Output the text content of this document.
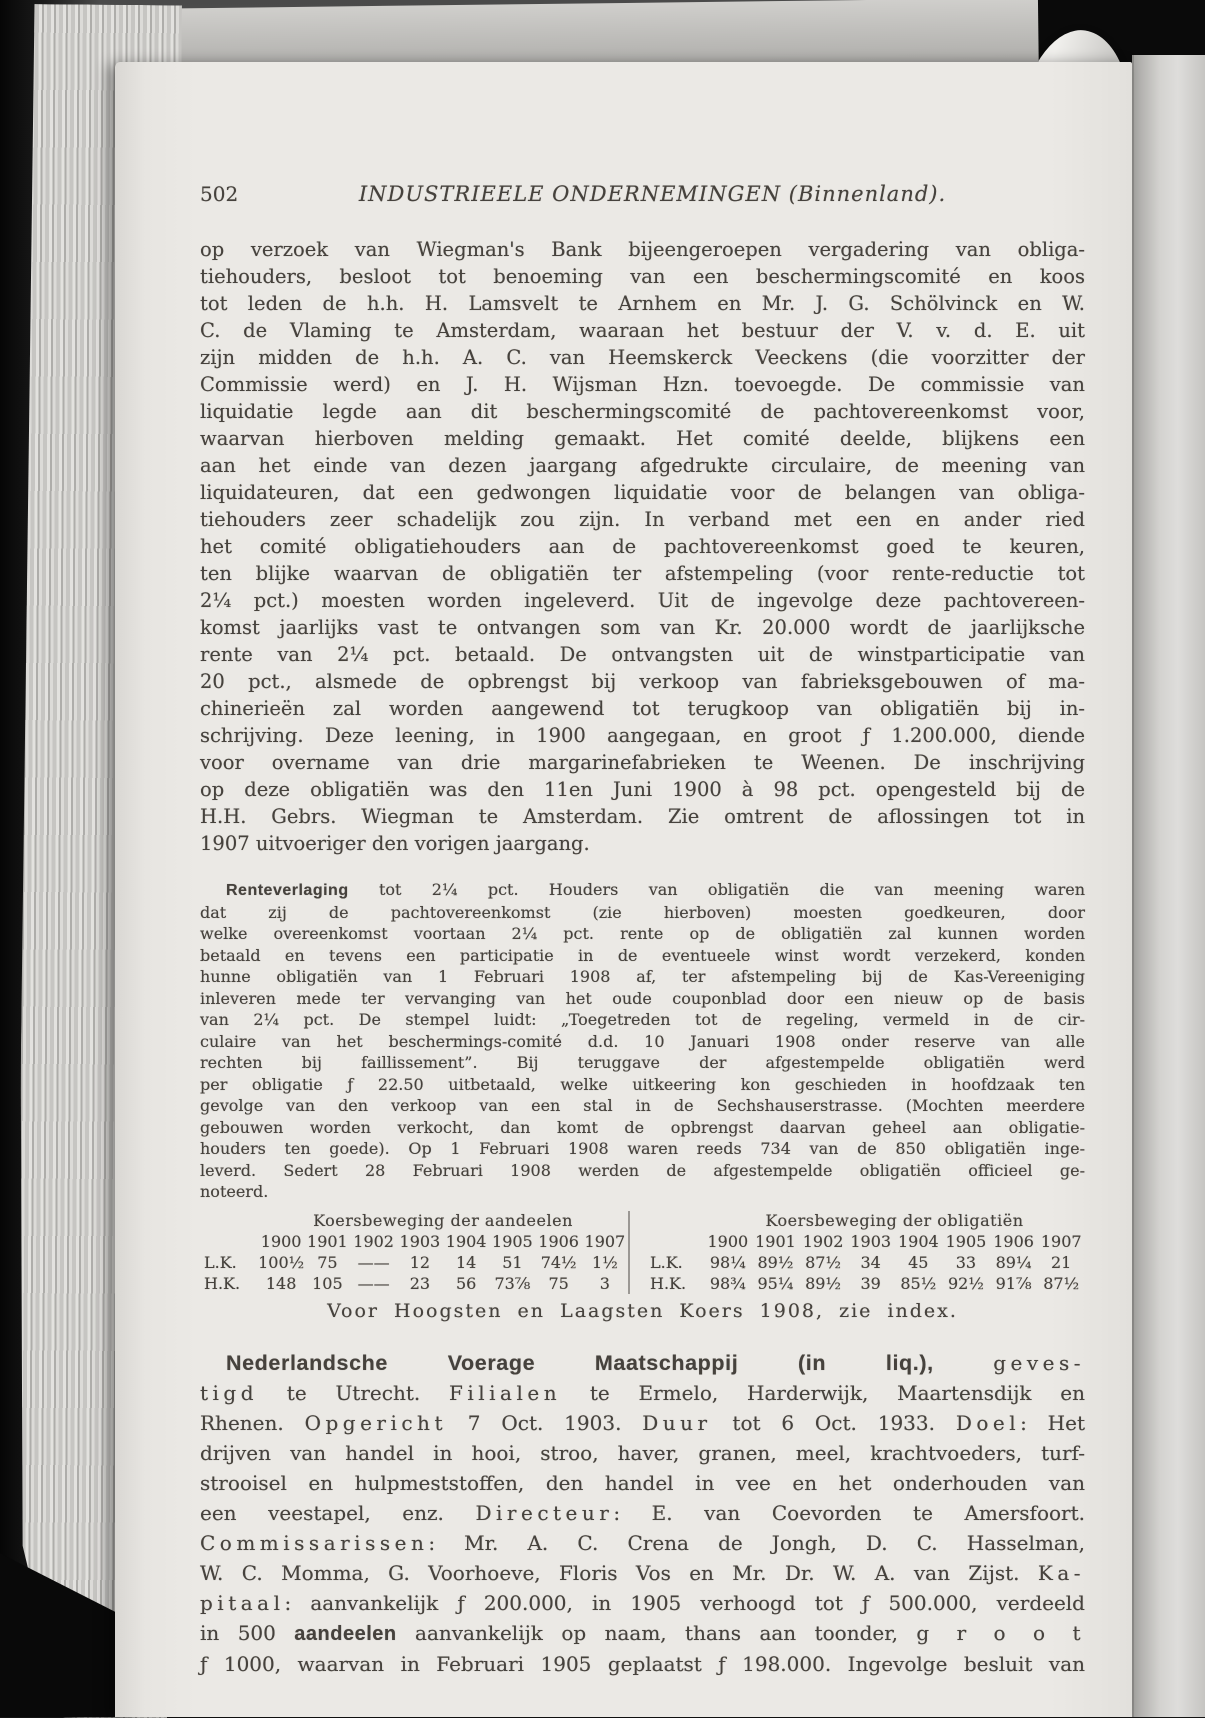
502	INDUSTRIEELE ONDERNEMINGEN (Binnenland).
op verzoek van Wiegman's Bank bijeengeroepen vergadering van obliga-
tiehouders, besloot tot benoeming van een beschermingscomité en koos
tot leden de h.h. H. Lamsvelt te Arnhem en Mr. J. G. Schölvinck en W.
C. de Vlaming te Amsterdam, waaraan het bestuur der V. v. d. E. uit
zijn midden de h.h. A. C. van Heemskerck Veeckens (die voorzitter der
Commissie werd) en J. H. Wijsman Hzn. toevoegde. De commissie van
liquidatie legde aan dit beschermingscomité de pachtovereenkomst voor,
waarvan hierboven melding gemaakt. Het comité deelde, blijkens een
aan het einde van dezen jaargang afgedrukte circulaire, de meening van
liquidateuren, dat een gedwongen liquidatie voor de belangen van obliga-
tiehouders zeer schadelijk zou zijn. In verband met een en ander ried
het comité obligatiehouders aan de pachtovereenkomst goed te keuren,
ten blijke waarvan de obligatiën ter afstempeling (voor rente-reductie tot
2¼ pct.) moesten worden ingeleverd. Uit de ingevolge deze pachtovereen-
komst jaarlijks vast te ontvangen som van Kr. 20.000 wordt de jaarlijksche
rente van 2¼ pct. betaald. De ontvangsten uit de winstparticipatie van
20 pct., alsmede de opbrengst bij verkoop van fabrieksgebouwen of ma-
chinerieën zal worden aangewend tot terugkoop van obligatiën bij in-
schrijving. Deze leening, in 1900 aangegaan, en groot ƒ 1.200.000, diende
voor overname van drie margarinefabrieken te Weenen. De inschrijving
op deze obligatiën was den 11en Juni 1900 à 98 pct. opengesteld bij de
H.H. Gebrs. Wiegman te Amsterdam. Zie omtrent de aflossingen tot in
1907 uitvoeriger den vorigen jaargang.
Renteverlaging tot 2¼ pct. Houders van obligatiën die van meening waren
dat zij de pachtovereenkomst (zie hierboven) moesten goedkeuren, door
welke overeenkomst voortaan 2¼ pct. rente op de obligatiën zal kunnen worden
betaald en tevens een participatie in de eventueele winst wordt verzekerd, konden
hunne obligatiën van 1 Februari 1908 af, ter afstempeling bij de Kas-Vereeniging
inleveren mede ter vervanging van het oude couponblad door een nieuw op de basis
van 2¼ pct. De stempel luidt: „Toegetreden tot de regeling, vermeld in de cir-
culaire van het beschermings-comité d.d. 10 Januari 1908 onder reserve van alle
rechten bij faillissement”. Bij teruggave der afgestempelde obligatiën werd
per obligatie ƒ 22.50 uitbetaald, welke uitkeering kon geschieden in hoofdzaak ten
gevolge van den verkoop van een stal in de Sechshauserstrasse. (Mochten meerdere
gebouwen worden verkocht, dan komt de opbrengst daarvan geheel aan obligatie-
houders ten goede). Op 1 Februari 1908 waren reeds 734 van de 850 obligatiën inge-
leverd. Sedert 28 Februari 1908 werden de afgestempelde obligatiën officieel ge-
noteerd.
Koersbeweging der aandeelen
1900 1901 1902 1903 1904 1905 1906 1907
L.K.	100½ 75	——	12	14	51	74½ 1½
H.K.	148 105 ——	23	56	73⅞	75	3
Koersbeweging der obligatiën
1900 1901 1902 1903 1904 1905 1906 1907
L.K.	98¼ 89½ 87½	34	45	33	89¼	21
H.K.	98¾ 95¼ 89½	39	85½ 92½ 91⅞ 87½
Voor Hoogsten en Laagsten Koers 1908, zie index.
Nederlandsche Voerage Maatschappij (in liq.),	geves-
tigd te Utrecht. Filialen te Ermelo, Harderwijk, Maartensdijk en
Rhenen. Opgericht 7 Oct. 1903. Duur tot 6 Oct. 1933. Doel: Het
drijven van handel in hooi, stroo, haver, granen, meel, krachtvoeders, turf-
strooisel en hulpmeststoffen, den handel in vee en het onderhouden van
een veestapel, enz. Directeur: E. van Coevorden te Amersfoort.
Commissarissen: Mr. A. C. Crena de Jongh, D. C. Hasselman,
W. C. Momma, G. Voorhoeve, Floris Vos en Mr. Dr. W. A. van Zijst. Ka-
pitaal: aanvankelijk ƒ 200.000, in 1905 verhoogd tot ƒ 500.000, verdeeld
in 500 aandeelen aanvankelijk op naam, thans aan toonder, g r o o t
ƒ 1000, waarvan in Februari 1905 geplaatst ƒ 198.000. Ingevolge besluit van
